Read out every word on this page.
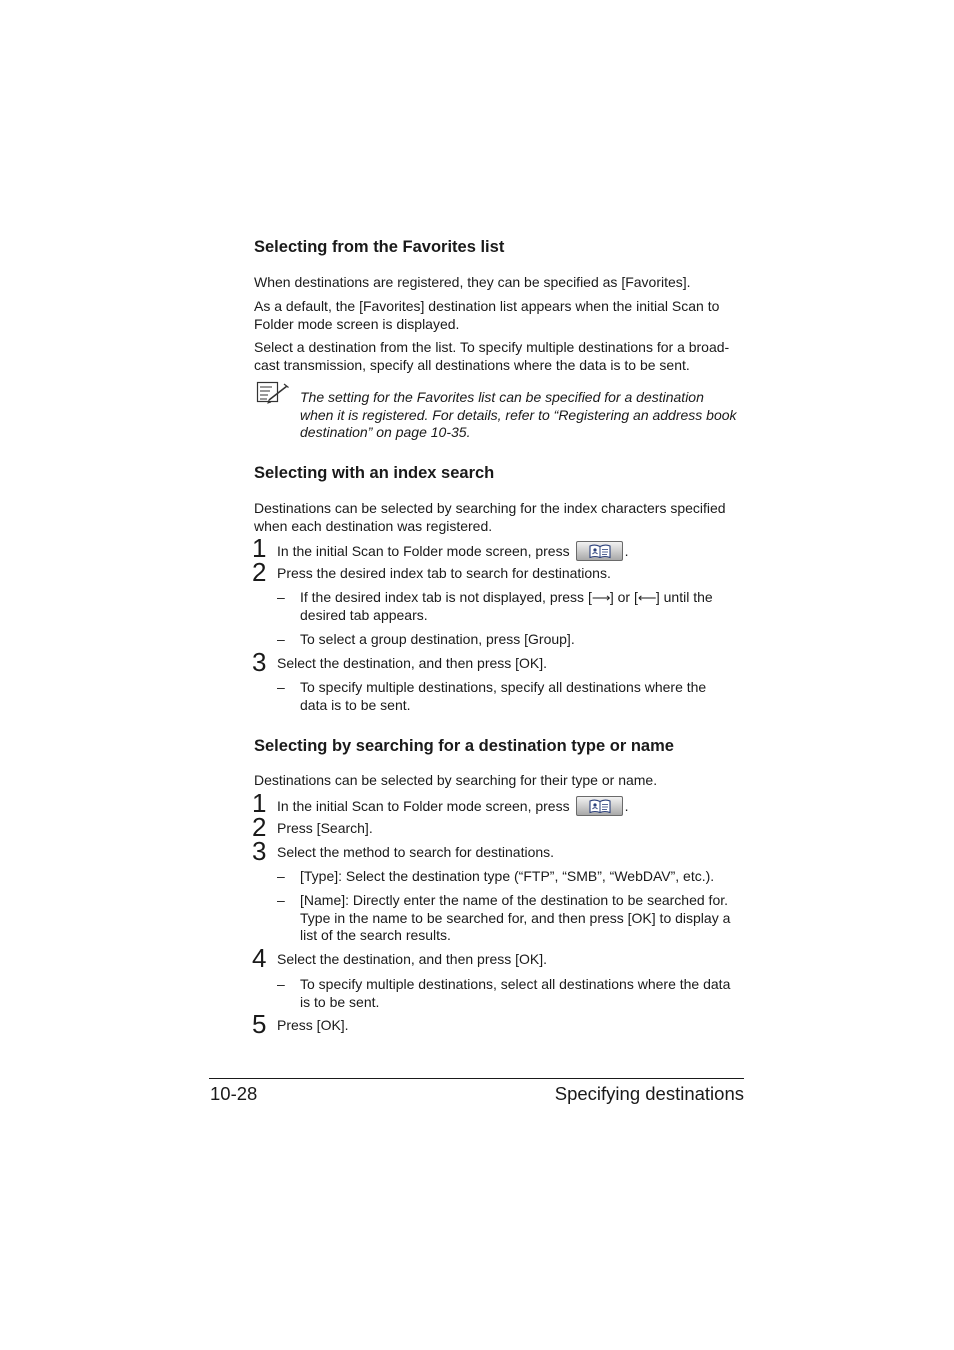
Selecting from the Favorites list
When destinations are registered, they can be specified as [Favorites].
As a default, the [Favorites] destination list appears when the initial Scan to
Folder mode screen is displayed.
Select a destination from the list. To specify multiple destinations for a broad-
cast transmission, specify all destinations where the data is to be sent.
The setting for the Favorites list can be specified for a destination
when it is registered. For details, refer to “Registering an address book
destination” on page 10-35.
Selecting with an index search
Destinations can be selected by searching for the index characters specified
when each destination was registered.
1 In the initial Scan to Folder mode screen, press	.
2 Press the desired index tab to search for destinations.
– If the desired index tab is not displayed, press [⟶] or [⟵] until the
desired tab appears.
– To select a group destination, press [Group].
3 Select the destination, and then press [OK].
– To specify multiple destinations, specify all destinations where the
data is to be sent.
Selecting by searching for a destination type or name
Destinations can be selected by searching for their type or name.
1 In the initial Scan to Folder mode screen, press	.
2 Press [Search].
3 Select the method to search for destinations.
– [Type]: Select the destination type (“FTP”, “SMB”, “WebDAV”, etc.).
– [Name]: Directly enter the name of the destination to be searched for.
Type in the name to be searched for, and then press [OK] to display a
list of the search results.
4 Select the destination, and then press [OK].
– To specify multiple destinations, select all destinations where the data
is to be sent.
5 Press [OK].
10-28	Specifying destinations
